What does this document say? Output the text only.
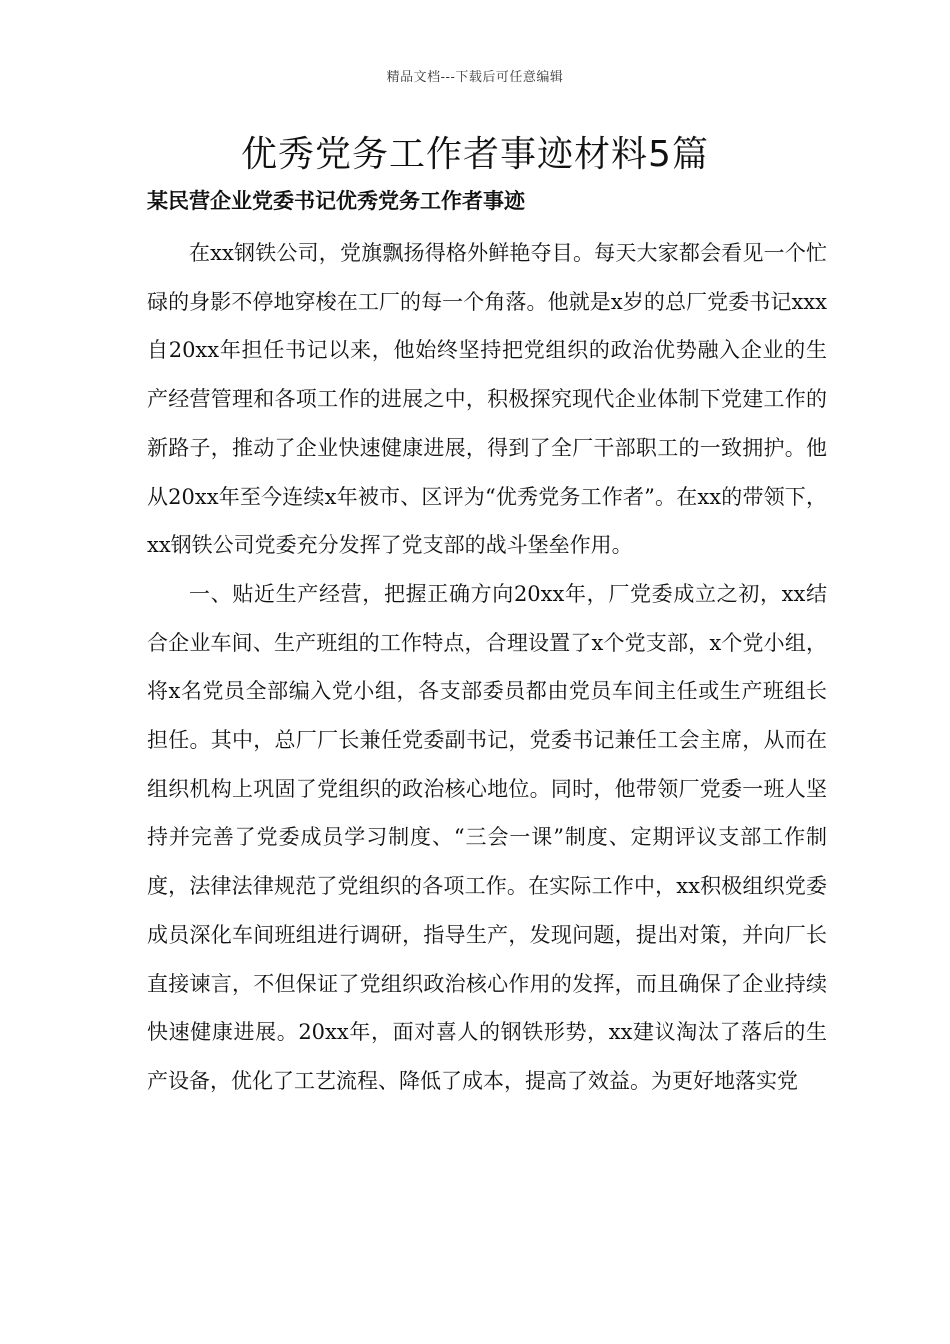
精品文档---下载后可任意编辑
优秀党务工作者事迹材料5篇
某民营企业党委书记优秀党务工作者事迹

在xx钢铁公司，党旗飘扬得格外鲜艳夺目。每天大家都会看见一个忙碌的身影不停地穿梭在工厂的每一个角落。他就是x岁的总厂党委书记xxx自20xx年担任书记以来，他始终坚持把党组织的政治优势融入企业的生产经营管理和各项工作的进展之中，积极探究现代企业体制下党建工作的新路子，推动了企业快速健康进展，得到了全厂干部职工的一致拥护。他从20xx年至今连续x年被市、区评为“优秀党务工作者”。在xx的带领下，xx钢铁公司党委充分发挥了党支部的战斗堡垒作用。

一、贴近生产经营，把握正确方向20xx年，厂党委成立之初，xx结合企业车间、生产班组的工作特点，合理设置了x个党支部，x个党小组，将x名党员全部编入党小组，各支部委员都由党员车间主任或生产班组长担任。其中，总厂厂长兼任党委副书记，党委书记兼任工会主席，从而在组织机构上巩固了党组织的政治核心地位。同时，他带领厂党委一班人坚持并完善了党委成员学习制度、“三会一课”制度、定期评议支部工作制度，法律法律规范了党组织的各项工作。在实际工作中，xx积极组织党委成员深化车间班组进行调研，指导生产，发现问题，提出对策，并向厂长直接谏言，不但保证了党组织政治核心作用的发挥，而且确保了企业持续快速健康进展。20xx年，面对喜人的钢铁形势，xx建议淘汰了落后的生产设备，优化了工艺流程、降低了成本，提高了效益。为更好地落实党
